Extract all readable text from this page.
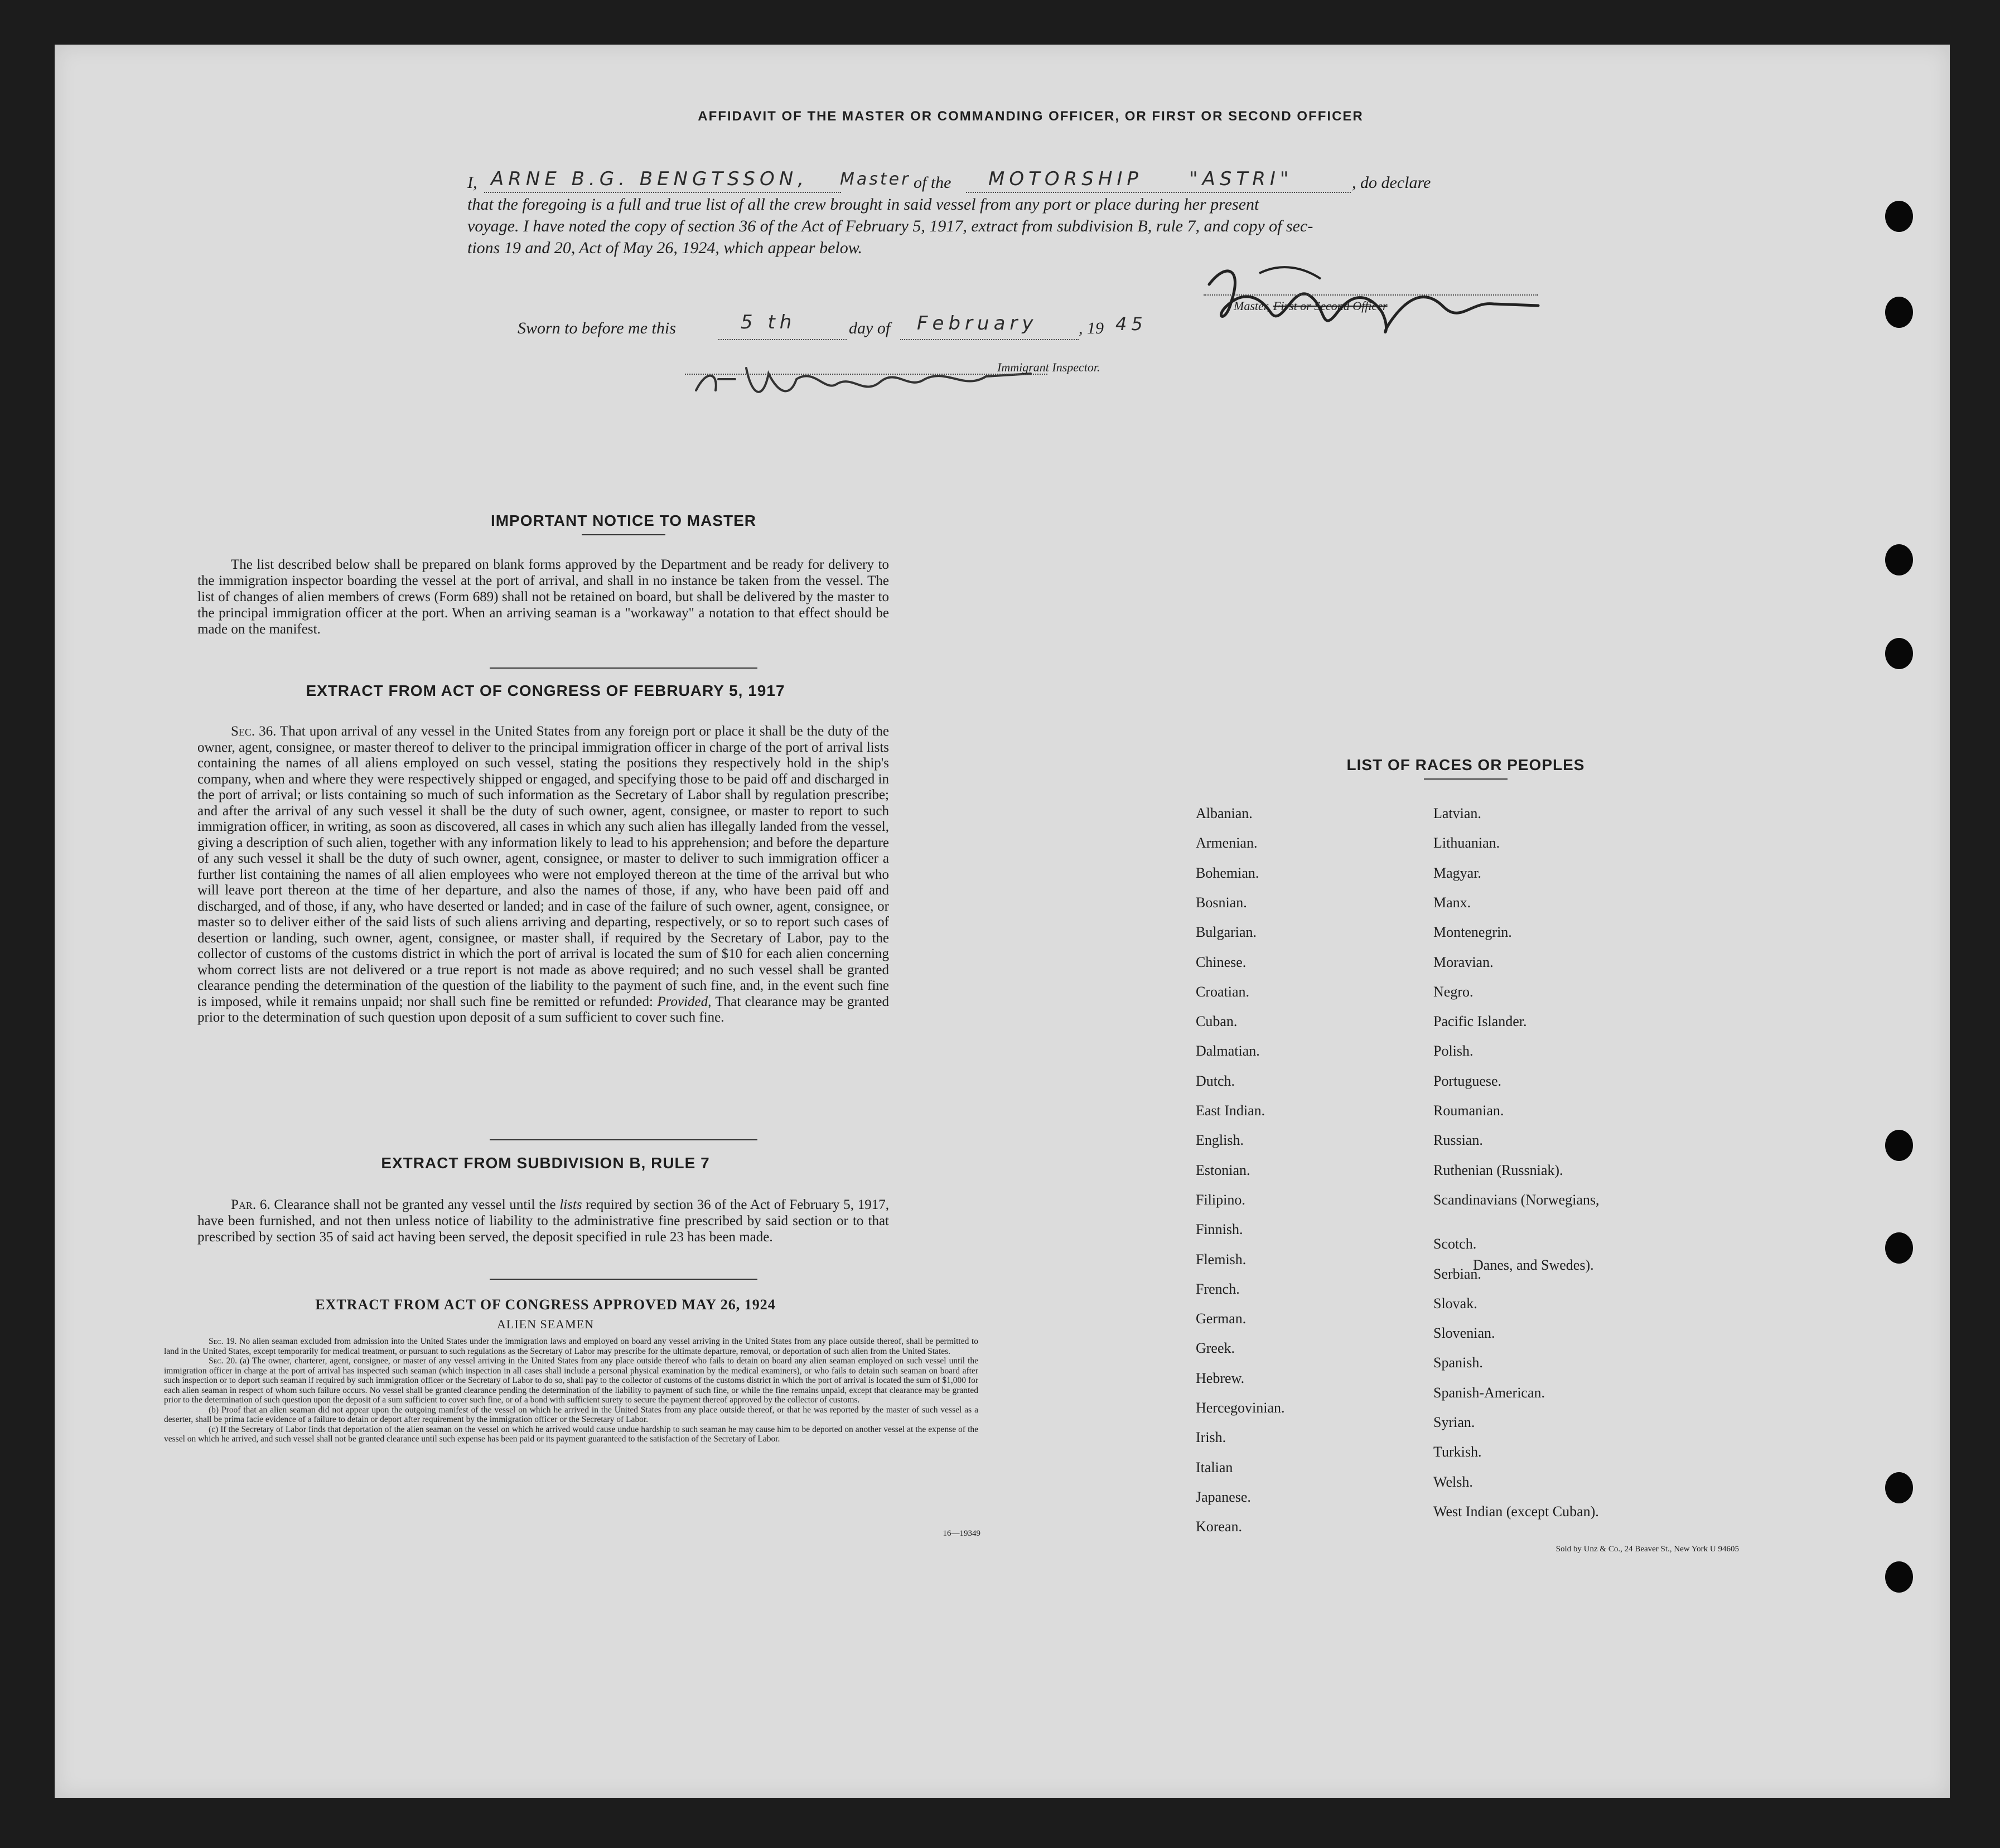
AFFIDAVIT OF THE MASTER OR COMMANDING OFFICER, OR FIRST OR SECOND OFFICER
I, ARNE B.G. BENGTSSON, Master of the MOTORSHIP "ASTRI"	, do declare
that the foregoing is a full and true list of all the crew brought in said vessel from any port or place during her present
voyage. I have noted the copy of section 36 of the Act of February 5, 1917, extract from subdivision B, rule 7, and copy of sec-
tions 19 and 20, Act of May 26, 1924, which appear below.
Master, First or Second Officer
Sworn to before me this	5 th	day of February , 19 45
Immigrant Inspector.
IMPORTANT NOTICE TO MASTER
The list described below shall be prepared on blank forms approved by the Department and be ready for delivery to the immigration inspector boarding the vessel at the port of arrival, and shall in no instance be taken from the vessel. The list of changes of alien members of crews (Form 689) shall not be retained on board, but shall be delivered by the master to the principal immigration officer at the port. When an arriving seaman is a "workaway" a notation to that effect should be made on the manifest.
EXTRACT FROM ACT OF CONGRESS OF FEBRUARY 5, 1917
Sec. 36. That upon arrival of any vessel in the United States from any foreign port or place it shall be the duty of the owner, agent, consignee, or master thereof to deliver to the principal immigration officer in charge of the port of arrival lists containing the names of all aliens employed on such vessel, stating the positions they respectively hold in the ship's company, when and where they were respectively shipped or engaged, and specifying those to be paid off and discharged in the port of arrival; or lists containing so much of such information as the Secretary of Labor shall by regulation prescribe; and after the arrival of any such vessel it shall be the duty of such owner, agent, consignee, or master to report to such immigration officer, in writing, as soon as discovered, all cases in which any such alien has illegally landed from the vessel, giving a description of such alien, together with any information likely to lead to his apprehension; and before the departure of any such vessel it shall be the duty of such owner, agent, consignee, or master to deliver to such immigration officer a further list containing the names of all alien employees who were not employed thereon at the time of the arrival but who will leave port thereon at the time of her departure, and also the names of those, if any, who have been paid off and discharged, and of those, if any, who have deserted or landed; and in case of the failure of such owner, agent, consignee, or master so to deliver either of the said lists of such aliens arriving and departing, respectively, or so to report such cases of desertion or landing, such owner, agent, consignee, or master shall, if required by the Secretary of Labor, pay to the collector of customs of the customs district in which the port of arrival is located the sum of $10 for each alien concerning whom correct lists are not delivered or a true report is not made as above required; and no such vessel shall be granted clearance pending the determination of the question of the liability to the payment of such fine, and, in the event such fine is imposed, while it remains unpaid; nor shall such fine be remitted or refunded: Provided, That clearance may be granted prior to the determination of such question upon deposit of a sum sufficient to cover such fine.
EXTRACT FROM SUBDIVISION B, RULE 7
Par. 6. Clearance shall not be granted any vessel until the lists required by section 36 of the Act of February 5, 1917, have been furnished, and not then unless notice of liability to the administrative fine prescribed by said section or to that prescribed by section 35 of said act having been served, the deposit specified in rule 23 has been made.
EXTRACT FROM ACT OF CONGRESS APPROVED MAY 26, 1924
ALIEN SEAMEN
Sec. 19. No alien seaman excluded from admission into the United States under the immigration laws and employed on board any vessel arriving in the United States from any place outside thereof, shall be permitted to land in the United States, except temporarily for medical treatment, or pursuant to such regulations as the Secretary of Labor may prescribe for the ultimate departure, removal, or deportation of such alien from the United States.
Sec. 20. (a) The owner, charterer, agent, consignee, or master of any vessel arriving in the United States from any place outside thereof who fails to detain on board any alien seaman employed on such vessel until the immigration officer in charge at the port of arrival has inspected such seaman (which inspection in all cases shall include a personal physical examination by the medical examiners), or who fails to detain such seaman on board after such inspection or to deport such seaman if required by such immigration officer or the Secretary of Labor to do so, shall pay to the collector of customs of the customs district in which the port of arrival is located the sum of $1,000 for each alien seaman in respect of whom such failure occurs. No vessel shall be granted clearance pending the determination of the liability to payment of such fine, or while the fine remains unpaid, except that clearance may be granted prior to the determination of such question upon the deposit of a sum sufficient to cover such fine, or of a bond with sufficient surety to secure the payment thereof approved by the collector of customs.
(b) Proof that an alien seaman did not appear upon the outgoing manifest of the vessel on which he arrived in the United States from any place outside thereof, or that he was reported by the master of such vessel as a deserter, shall be prima facie evidence of a failure to detain or deport after requirement by the immigration officer or the Secretary of Labor.
(c) If the Secretary of Labor finds that deportation of the alien seaman on the vessel on which he arrived would cause undue hardship to such seaman he may cause him to be deported on another vessel at the expense of the vessel on which he arrived, and such vessel shall not be granted clearance until such expense has been paid or its payment guaranteed to the satisfaction of the Secretary of Labor.
16—19349
LIST OF RACES OR PEOPLES
Albanian.
Armenian.
Bohemian.
Bosnian.
Bulgarian.
Chinese.
Croatian.
Cuban.
Dalmatian.
Dutch.
East Indian.
English.
Estonian.
Filipino.
Finnish.
Flemish.
French.
German.
Greek.
Hebrew.
Hercegovinian.
Irish.
Italian
Japanese.
Korean.
Latvian.
Lithuanian.
Magyar.
Manx.
Montenegrin.
Moravian.
Negro.
Pacific Islander.
Polish.
Portuguese.
Roumanian.
Russian.
Ruthenian (Russniak).
Scandinavians (Norwegians,
Scotch.
Serbian.
Slovak.
Slovenian.
Spanish.
Spanish-American.
Syrian.
Turkish.
Welsh.
West Indian (except Cuban).
Danes, and Swedes).
Sold by Unz & Co., 24 Beaver St., New York U 94605
